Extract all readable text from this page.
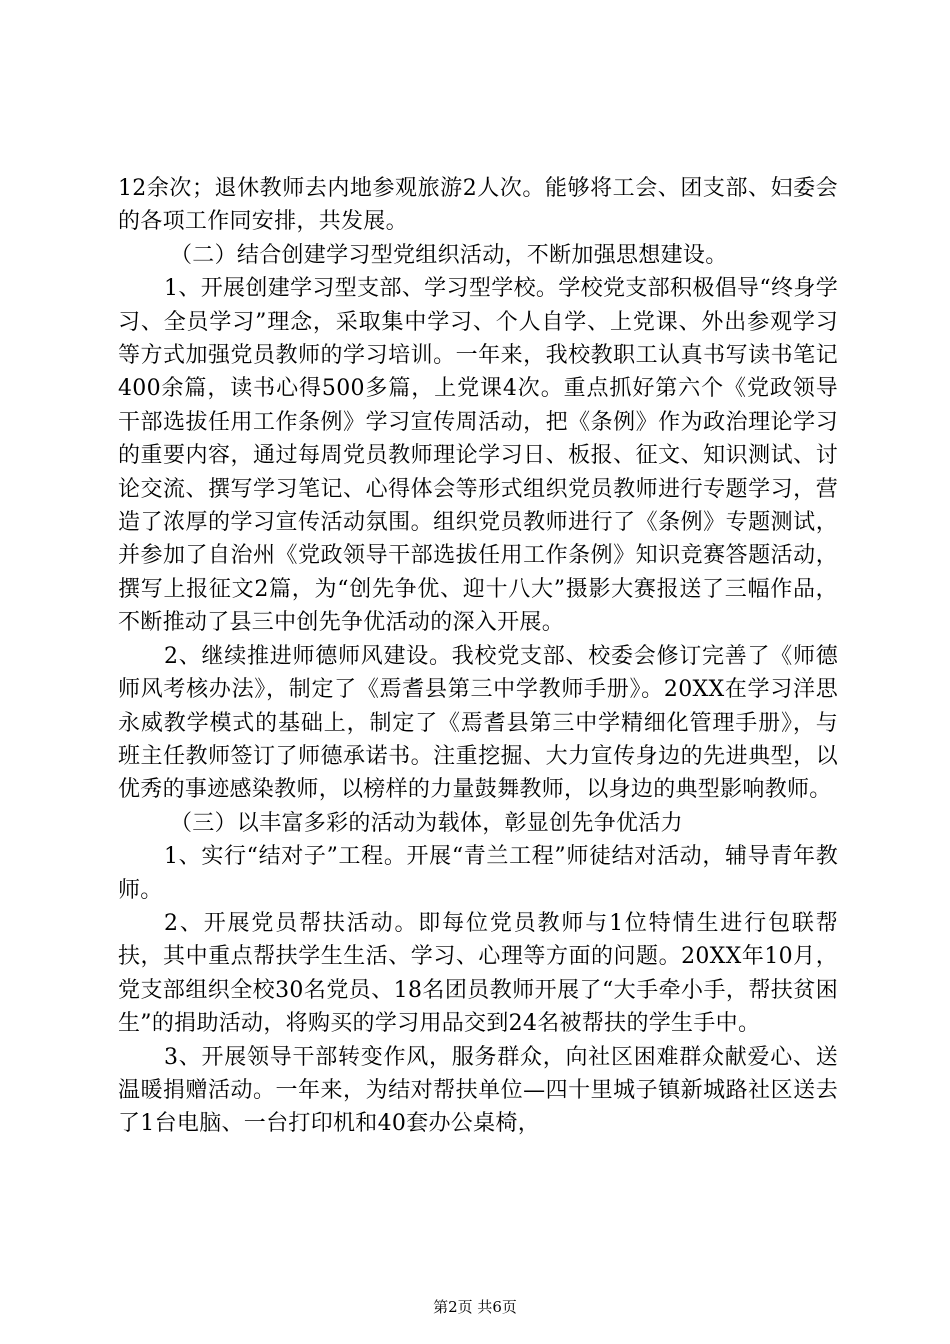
12余次；退休教师去内地参观旅游2人次。能够将工会、团支部、妇委会的各项工作同安排，共发展。

（二）结合创建学习型党组织活动，不断加强思想建设。

1、开展创建学习型支部、学习型学校。学校党支部积极倡导“终身学习、全员学习”理念，采取集中学习、个人自学、上党课、外出参观学习等方式加强党员教师的学习培训。一年来，我校教职工认真书写读书笔记400余篇，读书心得500多篇，上党课4次。重点抓好第六个《党政领导干部选拔任用工作条例》学习宣传周活动，把《条例》作为政治理论学习的重要内容，通过每周党员教师理论学习日、板报、征文、知识测试、讨论交流、撰写学习笔记、心得体会等形式组织党员教师进行专题学习，营造了浓厚的学习宣传活动氛围。组织党员教师进行了《条例》专题测试，并参加了自治州《党政领导干部选拔任用工作条例》知识竞赛答题活动，撰写上报征文2篇，为“创先争优、迎十八大”摄影大赛报送了三幅作品，不断推动了县三中创先争优活动的深入开展。

2、继续推进师德师风建设。我校党支部、校委会修订完善了《师德师风考核办法》，制定了《焉耆县第三中学教师手册》。20XX在学习洋思永威教学模式的基础上，制定了《焉耆县第三中学精细化管理手册》，与班主任教师签订了师德承诺书。注重挖掘、大力宣传身边的先进典型，以优秀的事迹感染教师，以榜样的力量鼓舞教师，以身边的典型影响教师。

（三）以丰富多彩的活动为载体，彰显创先争优活力

1、实行“结对子”工程。开展“青兰工程”师徒结对活动，辅导青年教师。

2、开展党员帮扶活动。即每位党员教师与1位特情生进行包联帮扶，其中重点帮扶学生生活、学习、心理等方面的问题。20XX年10月，党支部组织全校30名党员、18名团员教师开展了“大手牵小手，帮扶贫困生”的捐助活动，将购买的学习用品交到24名被帮扶的学生手中。

3、开展领导干部转变作风，服务群众，向社区困难群众献爱心、送温暖捐赠活动。一年来，为结对帮扶单位—四十里城子镇新城路社区送去了1台电脑、一台打印机和40套办公桌椅，

第2页 共6页
